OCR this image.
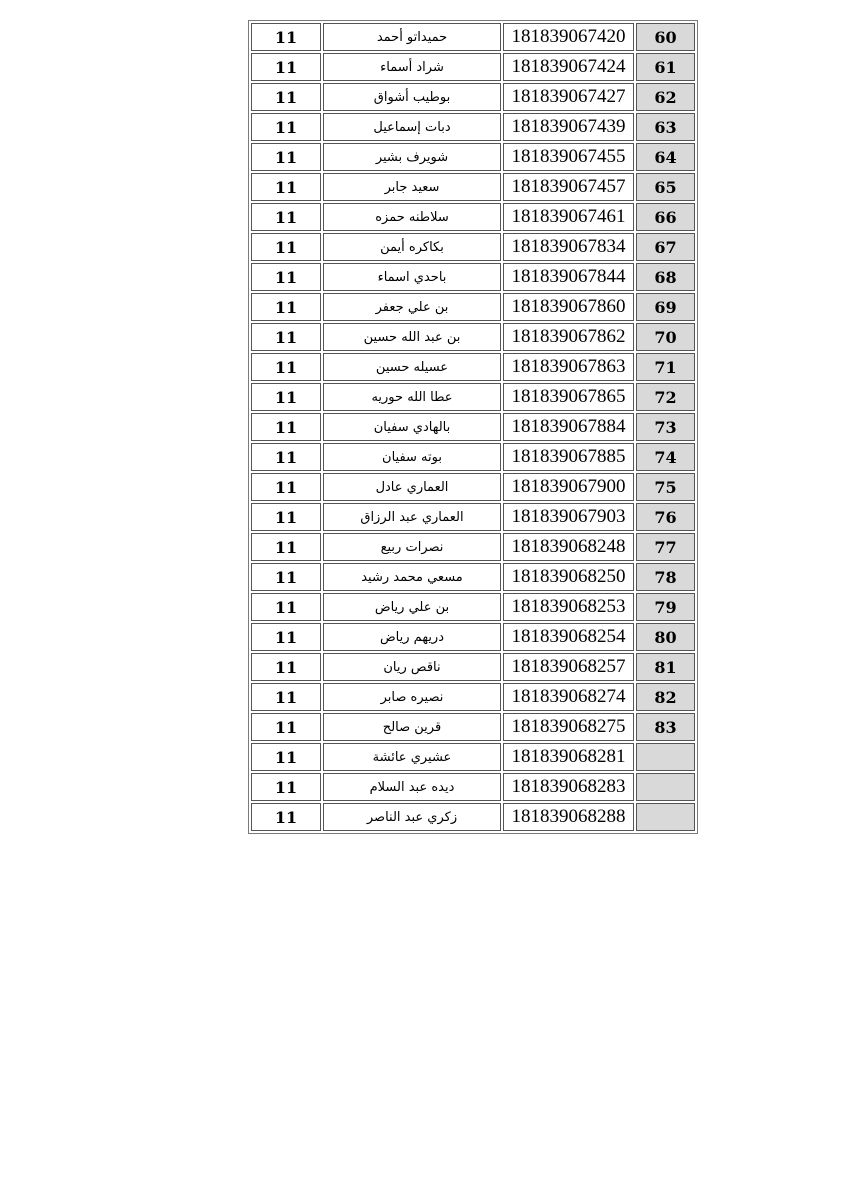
11	حميداتو أحمد	181839067420	60
11	شراد أسماء	181839067424	61
11	بوطيب أشواق	181839067427	62
11	دبات إسماعيل	181839067439	63
11	شويرف بشير	181839067455	64
11	سعيد جابر	181839067457	65
11	سلاطنه حمزه	181839067461	66
11	بكاكره أيمن	181839067834	67
11	باحدي اسماء	181839067844	68
11	بن علي جعفر	181839067860	69
11	بن عبد الله حسين	181839067862	70
11	عسيله حسين	181839067863	71
11	عطا الله حوريه	181839067865	72
11	بالهادي سفيان	181839067884	73
11	بوته سفيان	181839067885	74
11	العماري عادل	181839067900	75
11	العماري عبد الرزاق	181839067903	76
11	نصرات ربيع	181839068248	77
11	مسعي محمد رشيد	181839068250	78
11	بن علي رياض	181839068253	79
11	دريهم رياض	181839068254	80
11	ناقص ريان	181839068257	81
11	نصيره صابر	181839068274	82
11	قرين صالح	181839068275	83
11	عشيري عائشة	181839068281	
11	ديده عبد السلام	181839068283	
11	زكري عبد الناصر	181839068288	
